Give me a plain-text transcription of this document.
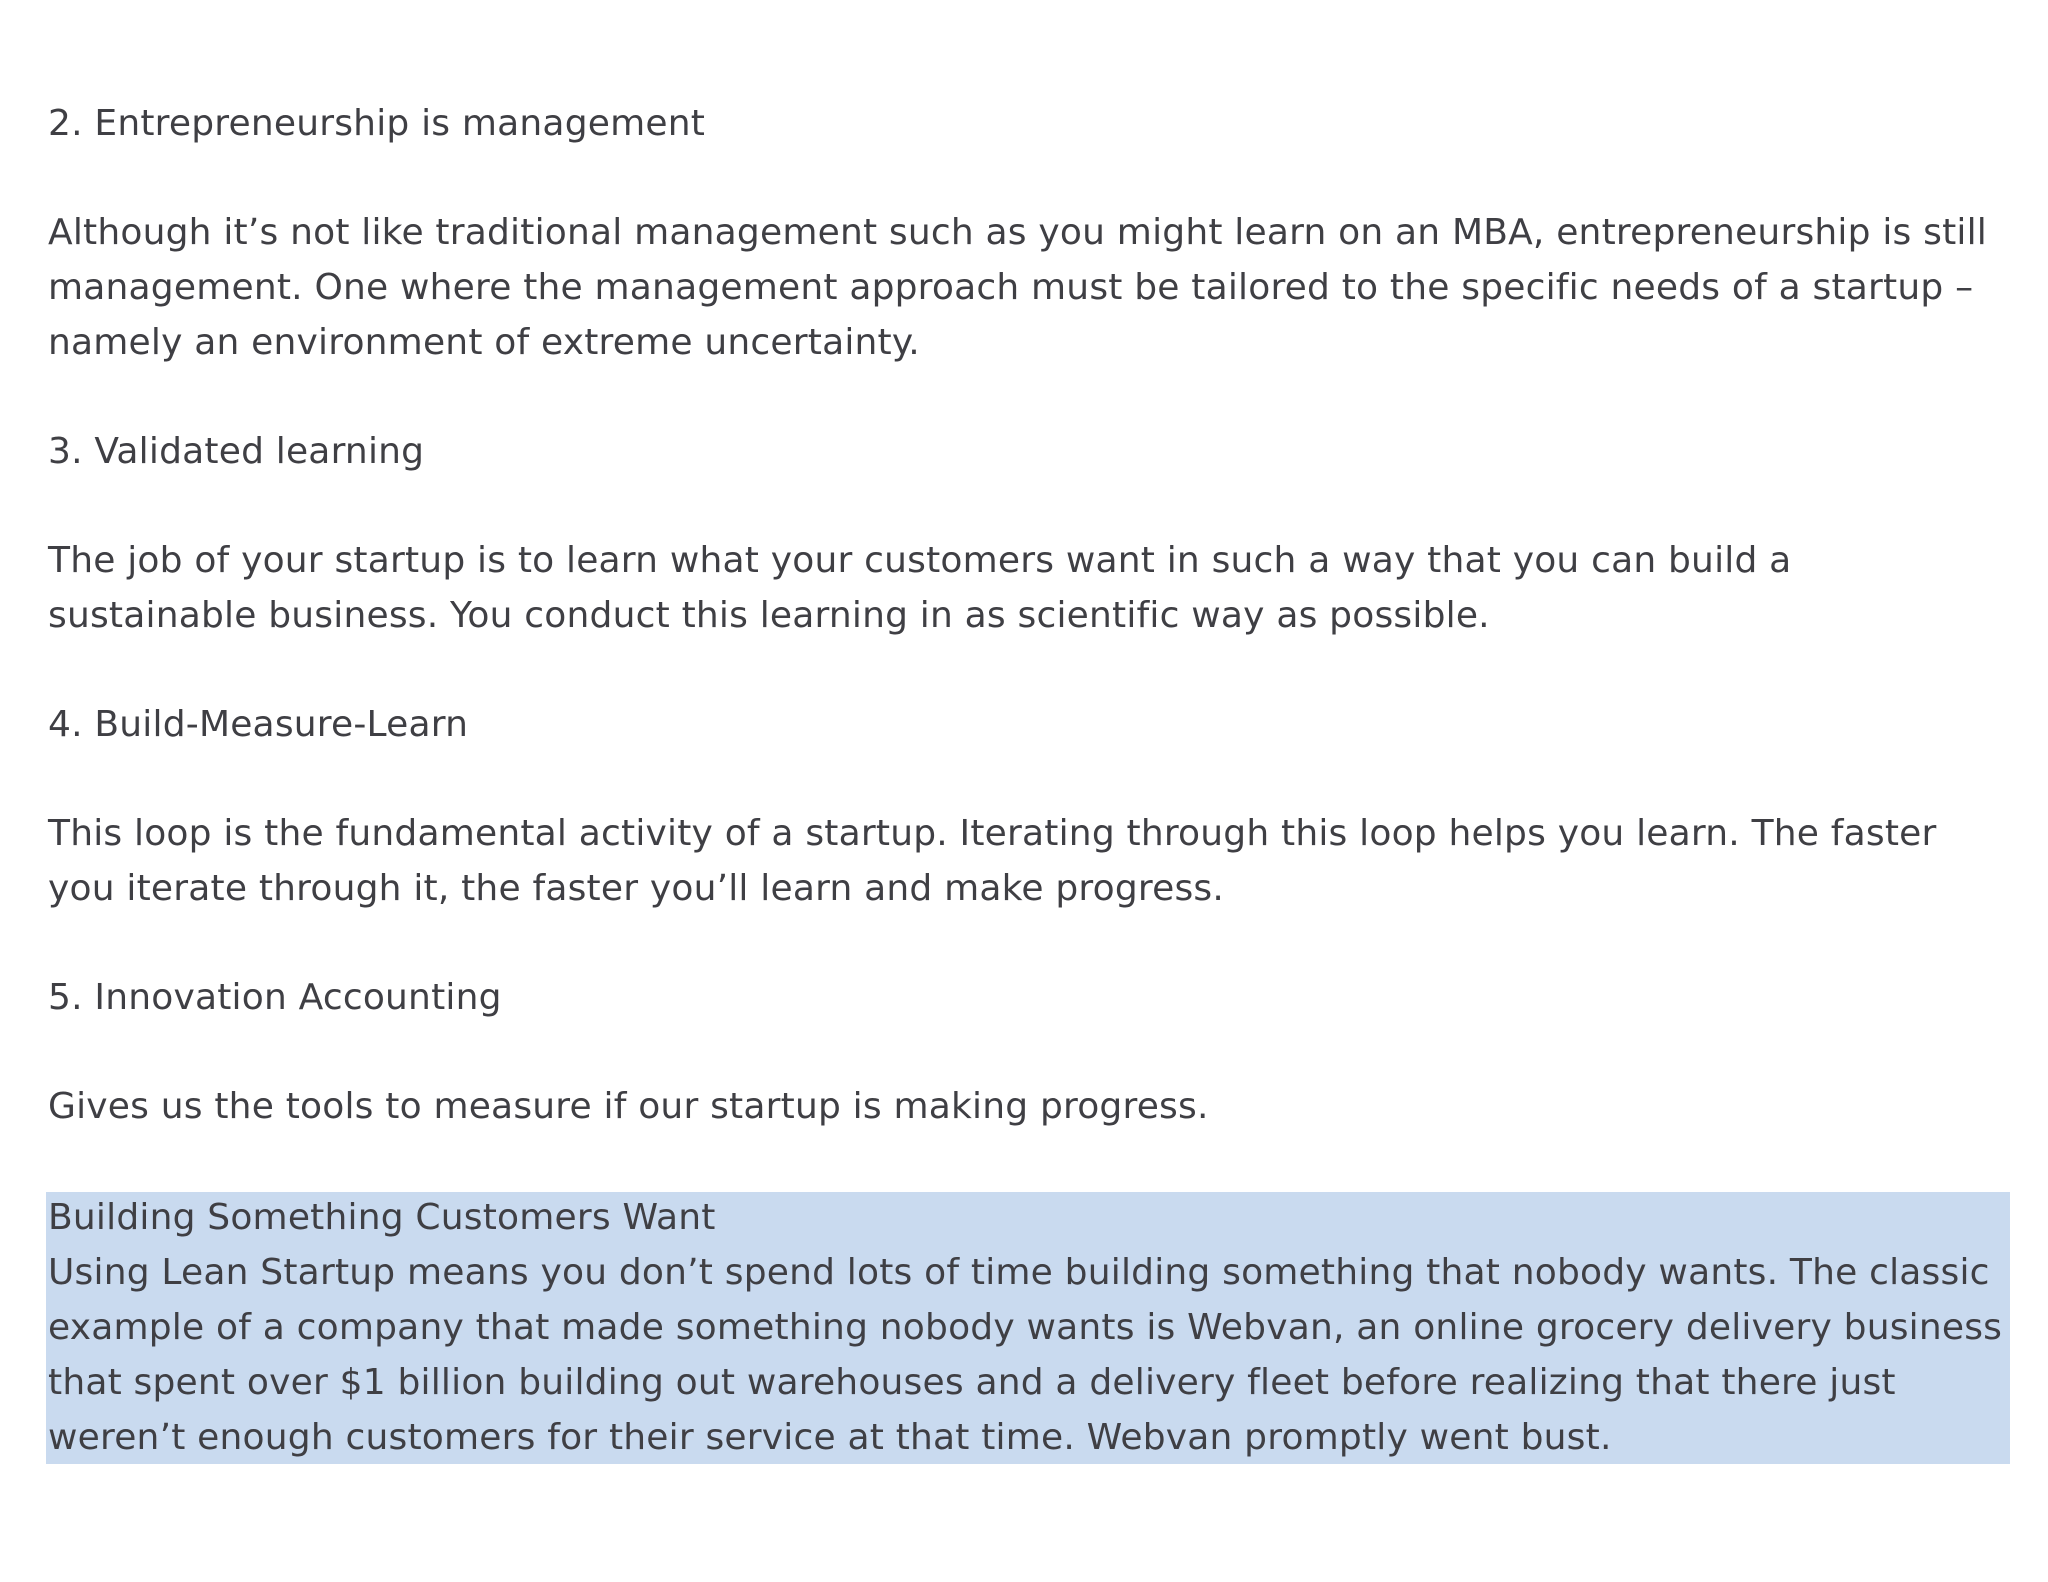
2. Entrepreneurship is management

Although it’s not like traditional management such as you might learn on an MBA, entrepreneurship is still management. One where the management approach must be tailored to the specific needs of a startup – namely an environment of extreme uncertainty.

3. Validated learning

The job of your startup is to learn what your customers want in such a way that you can build a sustainable business. You conduct this learning in as scientific way as possible.

4. Build-Measure-Learn

This loop is the fundamental activity of a startup. Iterating through this loop helps you learn. The faster you iterate through it, the faster you’ll learn and make progress.

5. Innovation Accounting

Gives us the tools to measure if our startup is making progress.

Building Something Customers Want

Using Lean Startup means you don’t spend lots of time building something that nobody wants. The classic example of a company that made something nobody wants is Webvan, an online grocery delivery business that spent over $1 billion building out warehouses and a delivery fleet before realizing that there just weren’t enough customers for their service at that time. Webvan promptly went bust.
